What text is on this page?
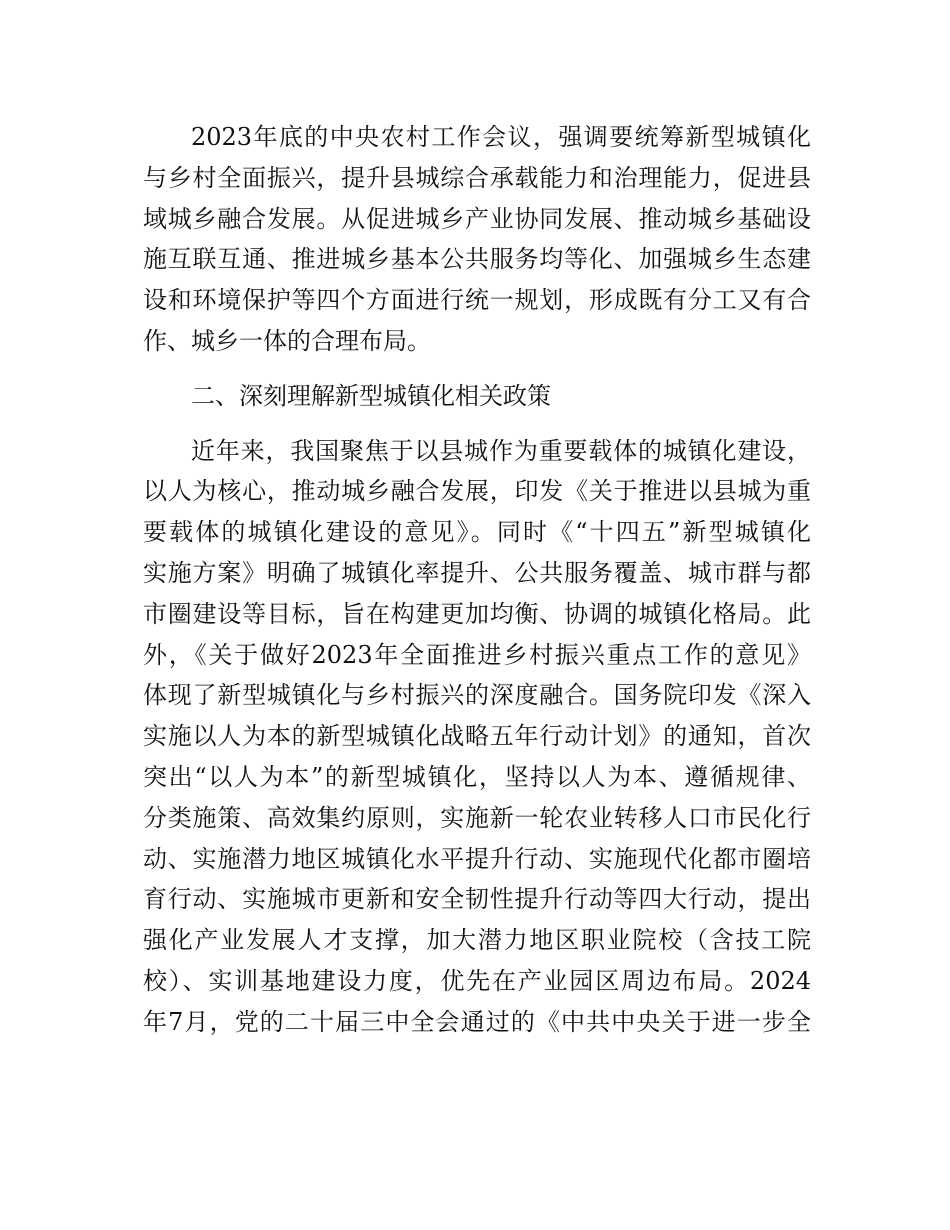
2023年底的中央农村工作会议，强调要统筹新型城镇化
与乡村全面振兴，提升县城综合承载能力和治理能力，促进县
域城乡融合发展。从促进城乡产业协同发展、推动城乡基础设
施互联互通、推进城乡基本公共服务均等化、加强城乡生态建
设和环境保护等四个方面进行统一规划，形成既有分工又有合
作、城乡一体的合理布局。
二、深刻理解新型城镇化相关政策
近年来，我国聚焦于以县城作为重要载体的城镇化建设，
以人为核心，推动城乡融合发展，印发《关于推进以县城为重
要载体的城镇化建设的意见》。同时《“十四五”新型城镇化
实施方案》明确了城镇化率提升、公共服务覆盖、城市群与都
市圈建设等目标，旨在构建更加均衡、协调的城镇化格局。此
外，《关于做好2023年全面推进乡村振兴重点工作的意见》
体现了新型城镇化与乡村振兴的深度融合。国务院印发《深入
实施以人为本的新型城镇化战略五年行动计划》的通知，首次
突出“以人为本”的新型城镇化，坚持以人为本、遵循规律、
分类施策、高效集约原则，实施新一轮农业转移人口市民化行
动、实施潜力地区城镇化水平提升行动、实施现代化都市圈培
育行动、实施城市更新和安全韧性提升行动等四大行动，提出
强化产业发展人才支撑，加大潜力地区职业院校（含技工院
校）、实训基地建设力度，优先在产业园区周边布局。2024
年7月，党的二十届三中全会通过的《中共中央关于进一步全
